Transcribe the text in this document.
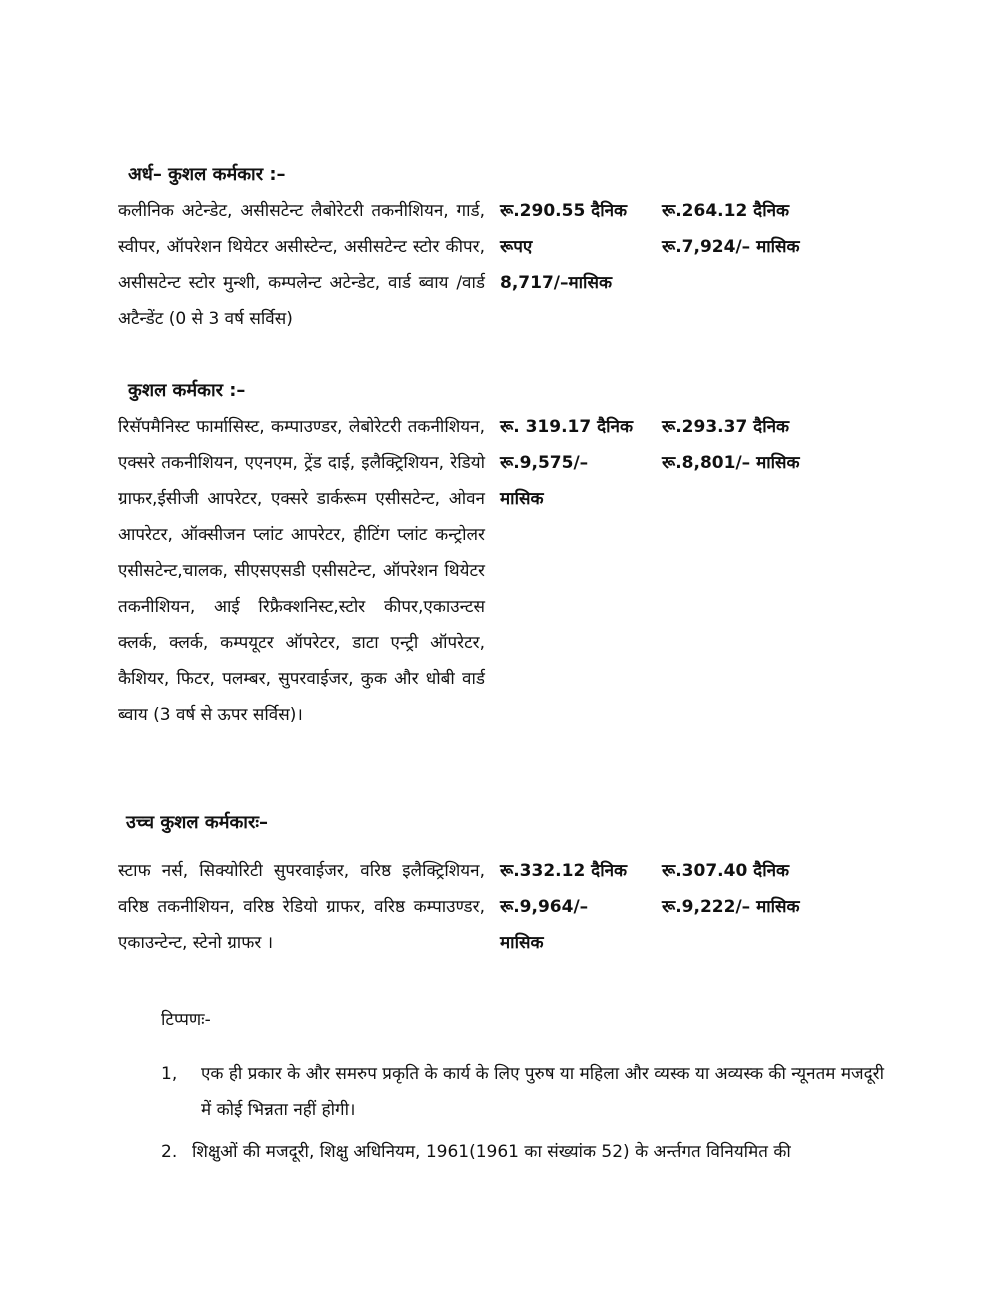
अर्ध– कुशल कर्मकार :–
कलीनिक अटेन्डेट, असीसटेन्ट लैबोरेटरी तकनीशियन, गार्ड, स्वीपर, ऑपरेशन थियेटर असीस्टेन्ट, असीसटेन्ट स्टोर कीपर, असीसटेन्ट स्टोर मुन्शी, कम्पलेन्ट अटेन्डेट, वार्ड ब्वाय /वार्ड अटैन्डेंट (0 से 3 वर्ष सर्विस)
रू.290.55 दैनिक
रूपए
8,717/–मासिक
रू.264.12 दैनिक
रू.7,924/– मासिक
कुशल कर्मकार :–
रिसॅपमैनिस्ट फार्मासिस्ट, कम्पाउण्डर, लेबोरेटरी तकनीशियन, एक्सरे तकनीशियन, एएनएम, ट्रेंड दाई, इलैक्ट्रिशियन, रेडियो ग्राफर,ईसीजी आपरेटर, एक्सरे डार्करूम एसीसटेन्ट, ओवन आपरेटर, ऑक्सीजन प्लांट आपरेटर, हीटिंग प्लांट कन्ट्रोलर एसीसटेन्ट,चालक, सीएसएसडी एसीसटेन्ट, ऑपरेशन थियेटर तकनीशियन, आई रिफ्रैक्शनिस्ट,स्टोर कीपर,एकाउन्टस क्लर्क, क्लर्क, कम्पयूटर ऑपरेटर, डाटा एन्ट्री ऑपरेटर, कैशियर, फिटर, पलम्बर, सुपरवाईजर, कुक और धोबी वार्ड ब्वाय (3 वर्ष से ऊपर सर्विस)।
रू. 319.17 दैनिक
रू.9,575/–
मासिक
रू.293.37 दैनिक
रू.8,801/– मासिक
उच्च कुशल कर्मकारः–
स्टाफ नर्स, सिक्योरिटी सुपरवाईजर, वरिष्ठ इलैक्ट्रिशियन, वरिष्ठ तकनीशियन, वरिष्ठ रेडियो ग्राफर, वरिष्ठ कम्पाउण्डर, एकाउन्टेन्ट, स्टेनो ग्राफर ।
रू.332.12 दैनिक
रू.9,964/–
मासिक
रू.307.40 दैनिक
रू.9,222/– मासिक
टिप्पणः-
1, एक ही प्रकार के और समरुप प्रकृति के कार्य के लिए पुरुष या महिला और व्यस्क या अव्यस्क की न्यूनतम मजदूरी में कोई भिन्नता नहीं होगी।
2. शिक्षुओं की मजदूरी, शिक्षु अधिनियम, 1961(1961 का संख्यांक 52) के अर्न्तगत विनियमित की
